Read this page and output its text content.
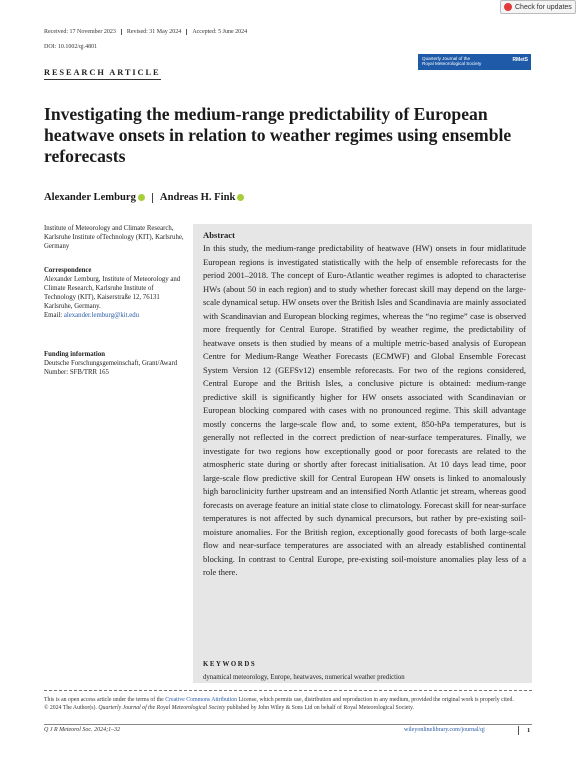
Check for updates
Received: 17 November 2023	Revised: 31 May 2024	Accepted: 5 June 2024
DOI: 10.1002/qj.4801
RESEARCH ARTICLE
Quarterly Journal of the
Royal Meteorological Society
RMetS
Investigating the medium-range predictability of European heatwave onsets in relation to weather regimes using ensemble reforecasts
Alexander Lemburg Andreas H. Fink
Institute of Meteorology and Climate Research, Karlsruhe Institute ofTechnology (KIT), Karlsruhe, Germany
Correspondence
Alexander Lemburg, Institute of Meteorology and Climate Research, Karlsruhe Institute of Technology (KIT), Kaiserstraße 12, 76131 Karlsruhe, Germany.
Email: alexander.lemburg@kit.edu
Funding information
Deutsche Forschungsgemeinschaft, Grant/Award Number: SFB/TRR 165
Abstract
In this study, the medium-range predictability of heatwave (HW) onsets in four midlatitude European regions is investigated statistically with the help of ensemble reforecasts for the period 2001–2018. The concept of Euro-Atlantic weather regimes is adopted to characterise HWs (about 50 in each region) and to study whether forecast skill may depend on the large-scale dynamical setup. HW onsets over the British Isles and Scandinavia are mainly associated with Scandinavian and European blocking regimes, whereas the “no regime” case is observed more frequently for Central Europe. Stratified by weather regime, the predictability of heatwave onsets is then studied by means of a multiple metric-based analysis of European Centre for Medium-Range Weather Forecasts (ECMWF) and Global Ensemble Forecast System Version 12 (GEFSv12) ensemble reforecasts. For two of the regions considered, Central Europe and the British Isles, a conclusive picture is obtained: medium-range predictive skill is significantly higher for HW onsets associated with Scandinavian or European blocking compared with cases with no pronounced regime. This skill advantage mostly concerns the large-scale flow and, to some extent, 850-hPa temperatures, but is generally not reflected in the correct prediction of near-surface temperatures. Finally, we investigate for two regions how exceptionally good or poor forecasts are related to the atmospheric state during or shortly after forecast initialisation. At 10 days lead time, poor large-scale flow predictive skill for Central European HW onsets is linked to anomalously high baroclinicity further upstream and an intensified North Atlantic jet stream, whereas good forecasts on average feature an initial state close to climatology. Forecast skill for near-surface temperatures is not affected by such dynamical precursors, but rather by pre-existing soil-moisture anomalies. For the British region, exceptionally good forecasts of both large-scale flow and near-surface temperatures are associated with an already established continental blocking. In contrast to Central Europe, pre-existing soil-moisture anomalies play less of a role there.
KEYWORDS
dynamical meteorology, Europe, heatwaves, numerical weather prediction
This is an open access article under the terms of the Creative Commons Attribution License, which permits use, distribution and reproduction in any medium, provided the original work is properly cited.
© 2024 The Author(s). Quarterly Journal of the Royal Meteorological Society published by John Wiley & Sons Ltd on behalf of Royal Meteorological Society.
Q J R Meteorol Soc. 2024;1–32	wileyonlinelibrary.com/journal/qj	1
